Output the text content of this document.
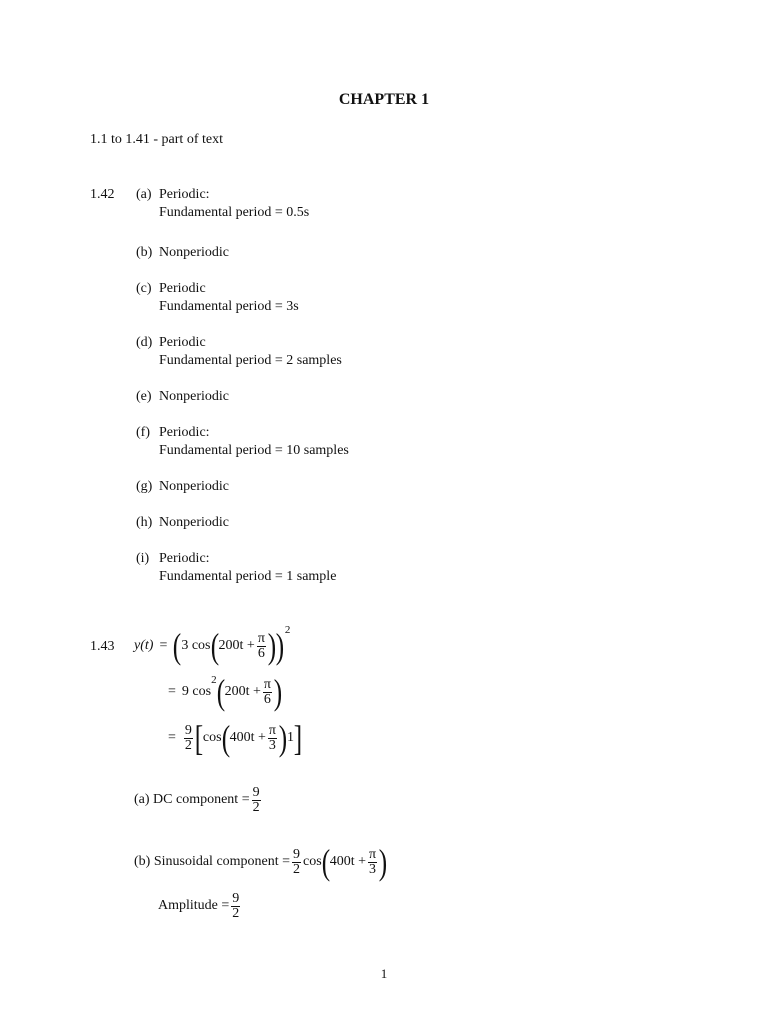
CHAPTER 1
1.1 to 1.41 - part of text
1.42 (a) Periodic:
Fundamental period = 0.5s
(b) Nonperiodic
(c) Periodic
Fundamental period = 3s
(d) Periodic
Fundamental period = 2 samples
(e) Nonperiodic
(f) Periodic:
Fundamental period = 10 samples
(g) Nonperiodic
(h) Nonperiodic
(i) Periodic:
Fundamental period = 1 sample
1.43 y(t) = ( 3 cos ( $200t + \frac{\pi}{6}$ ) ) 2
= 9 cos
2 ( $200t + \frac{\pi}{6}$ )
= $\frac{9}{2}$ [ cos ( $400t + \frac{\pi}{3}$ ) 1 ]
(a) DC component = $\frac{9}{2}$
(b) Sinusoidal component = $\frac{9}{2}$ cos ( $400t + \frac{\pi}{3}$ )
Amplitude = $\frac{9}{2}$
1
